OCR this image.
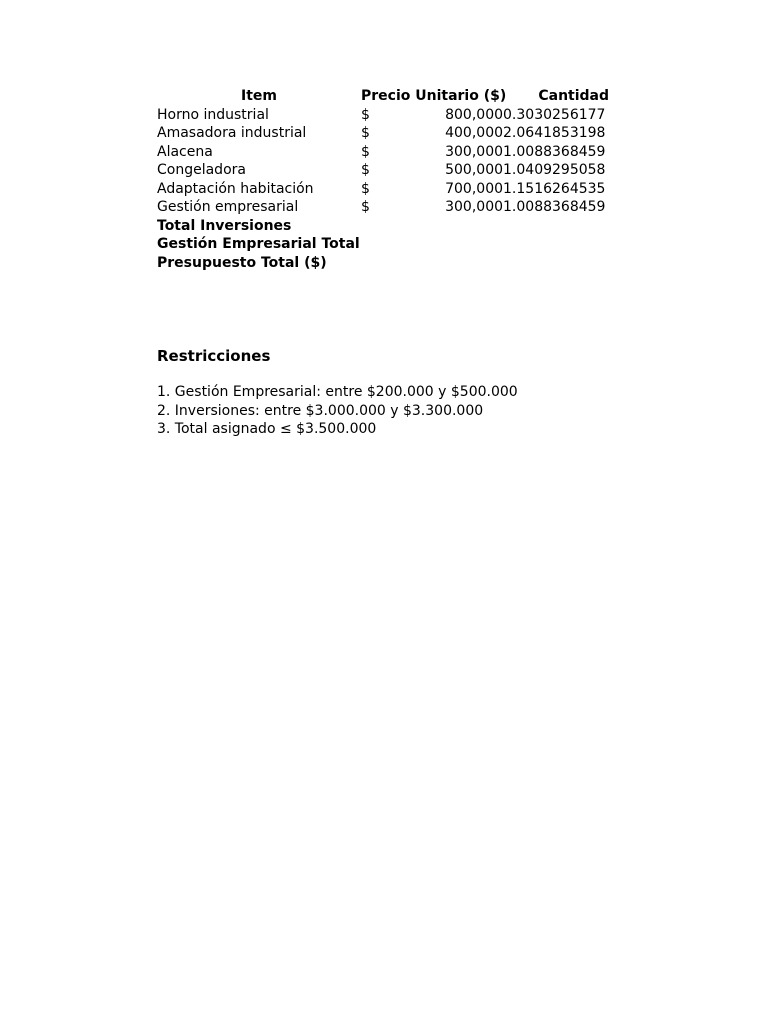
Item	Precio Unitario ($)		Cantidad
Horno industrial	$	800,000	0.3030256177
Amasadora industrial	$	400,000	2.0641853198
Alacena	$	300,000	1.0088368459
Congeladora	$	500,000	1.0409295058
Adaptación habitación	$	700,000	1.1516264535
Gestión empresarial	$	300,000	1.0088368459
Total Inversiones			
Gestión Empresarial Total			
Presupuesto Total ($)			
Restricciones
1. Gestión Empresarial: entre $200.000 y $500.000
2. Inversiones: entre $3.000.000 y $3.300.000
3. Total asignado ≤ $3.500.000
